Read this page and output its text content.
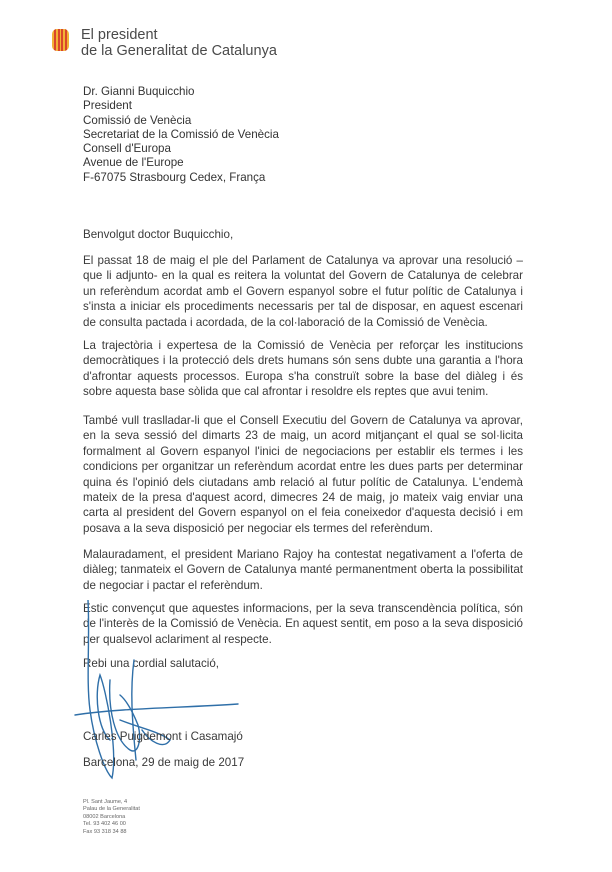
El president
de la Generalitat de Catalunya
Dr. Gianni Buquicchio
President
Comissió de Venècia
Secretariat de la Comissió de Venècia
Consell d'Europa
Avenue de l'Europe
F-67075 Strasbourg Cedex, França
Benvolgut doctor Buquicchio,
El passat 18 de maig el ple del Parlament de Catalunya va aprovar una resolució –que li adjunto- en la qual es reitera la voluntat del Govern de Catalunya de celebrar un referèndum acordat amb el Govern espanyol sobre el futur polític de Catalunya i s'insta a iniciar els procediments necessaris per tal de disposar, en aquest escenari de consulta pactada i acordada, de la col·laboració de la Comissió de Venècia.
La trajectòria i expertesa de la Comissió de Venècia per reforçar les institucions democràtiques i la protecció dels drets humans són sens dubte una garantia a l'hora d'afrontar aquests processos. Europa s'ha construït sobre la base del diàleg i és sobre aquesta base sòlida que cal afrontar i resoldre els reptes que avui tenim.
També vull traslladar-li que el Consell Executiu del Govern de Catalunya va aprovar, en la seva sessió del dimarts 23 de maig, un acord mitjançant el qual se sol·licita formalment al Govern espanyol l'inici de negociacions per establir els termes i les condicions per organitzar un referèndum acordat entre les dues parts per determinar quina és l'opinió dels ciutadans amb relació al futur polític de Catalunya. L'endemà mateix de la presa d'aquest acord, dimecres 24 de maig, jo mateix vaig enviar una carta al president del Govern espanyol on el feia coneixedor d'aquesta decisió i em posava a la seva disposició per negociar els termes del referèndum.
Malauradament, el president Mariano Rajoy ha contestat negativament a l'oferta de diàleg; tanmateix el Govern de Catalunya manté permanentment oberta la possibilitat de negociar i pactar el referèndum.
Estic convençut que aquestes informacions, per la seva transcendència política, són de l'interès de la Comissió de Venècia. En aquest sentit, em poso a la seva disposició per qualsevol aclariment al respecte.
Rebi una cordial salutació,
Carles Puigdemont i Casamajó
Barcelona, 29 de maig de 2017
Pl. Sant Jaume, 4
Palau de la Generalitat
08002 Barcelona
Tel. 93 402 46 00
Fax 93 318 34 88
